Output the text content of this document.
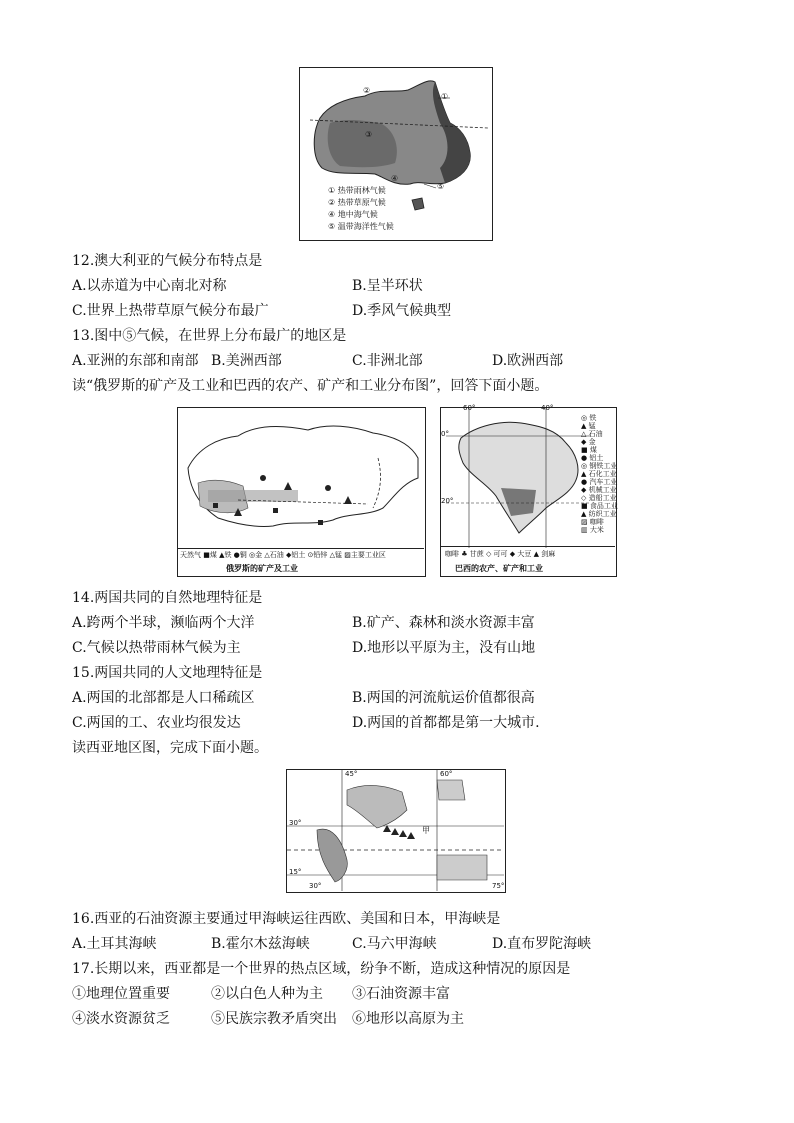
①
②
③
④
⑤
① 热带雨林气候
② 热带草原气候
④ 地中海气候
⑤ 温带海洋性气候
12.澳大利亚的气候分布特点是
A.以赤道为中心南北对称	B.呈半环状
C.世界上热带草原气候分布最广	D.季风气候典型
13.图中⑤气候，在世界上分布最广的地区是
A.亚洲的东部和南部 B.美洲西部	C.非洲北部	D.欧洲西部
读“俄罗斯的矿产及工业和巴西的农产、矿产和工业分布图”，回答下面小题。
天然气 ■煤 ▲铁 ●铜 ◎金 △石油 ◆铝土 ⊙铅锌 △锰 ▨主要工业区
俄罗斯的矿产及工业
60°	40°
0°
20°
◎ 铁
▲ 锰
△ 石油
◆ 金
■ 煤
● 铝土
◎ 钢铁工业
▲ 石化工业
● 汽车工业
◆ 机械工业
◇ 造船工业
■ 食品工业
▲ 纺织工业
▨ 咖啡
▥ 大米
咖啡 ♣ 甘蔗 ◇ 可可 ◆ 大豆 ▲ 剑麻
巴西的农产、矿产和工业
14.两国共同的自然地理特征是
A.跨两个半球，濒临两个大洋	B.矿产、森林和淡水资源丰富
C.气候以热带雨林气候为主	D.地形以平原为主，没有山地
15.两国共同的人文地理特征是
A.两国的北部都是人口稀疏区	B.两国的河流航运价值都很高
C.两国的工、农业均很发达	D.两国的首都都是第一大城市.
读西亚地区图，完成下面小题。
45°	60°
30°
15°
30°	75°
甲
16.西亚的石油资源主要通过甲海峡运往西欧、美国和日本，甲海峡是
A.土耳其海峡	B.霍尔木兹海峡	C.马六甲海峡	D.直布罗陀海峡
17.长期以来，西亚都是一个世界的热点区域，纷争不断，造成这种情况的原因是
①地理位置重要	②以白色人种为主 ③石油资源丰富
④淡水资源贫乏	⑤民族宗教矛盾突出 ⑥地形以高原为主
